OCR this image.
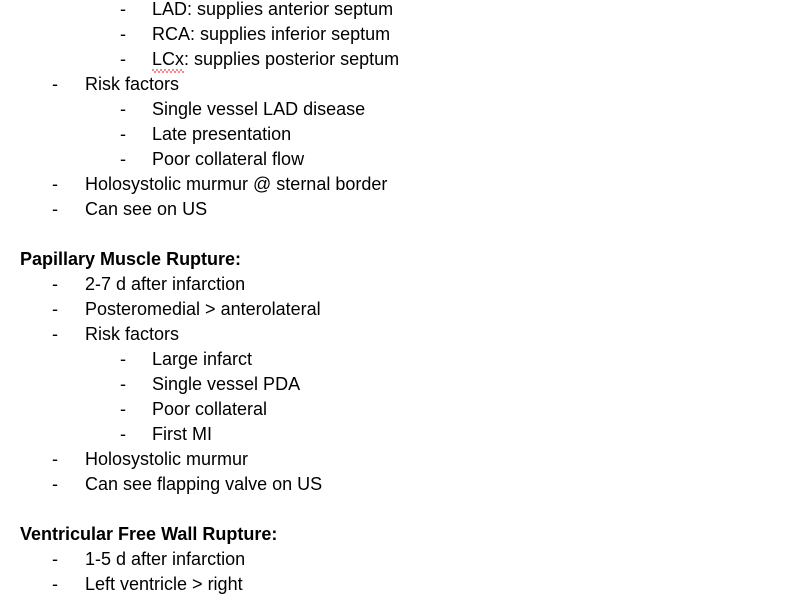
- LAD: supplies anterior septum
- RCA: supplies inferior septum
- LCx: supplies posterior septum
- Risk factors
- Single vessel LAD disease
- Late presentation
- Poor collateral flow
- Holosystolic murmur @ sternal border
- Can see on US
Papillary Muscle Rupture:
- 2-7 d after infarction
- Posteromedial > anterolateral
- Risk factors
- Large infarct
- Single vessel PDA
- Poor collateral
- First MI
- Holosystolic murmur
- Can see flapping valve on US
Ventricular Free Wall Rupture:
- 1-5 d after infarction
- Left ventricle > right
